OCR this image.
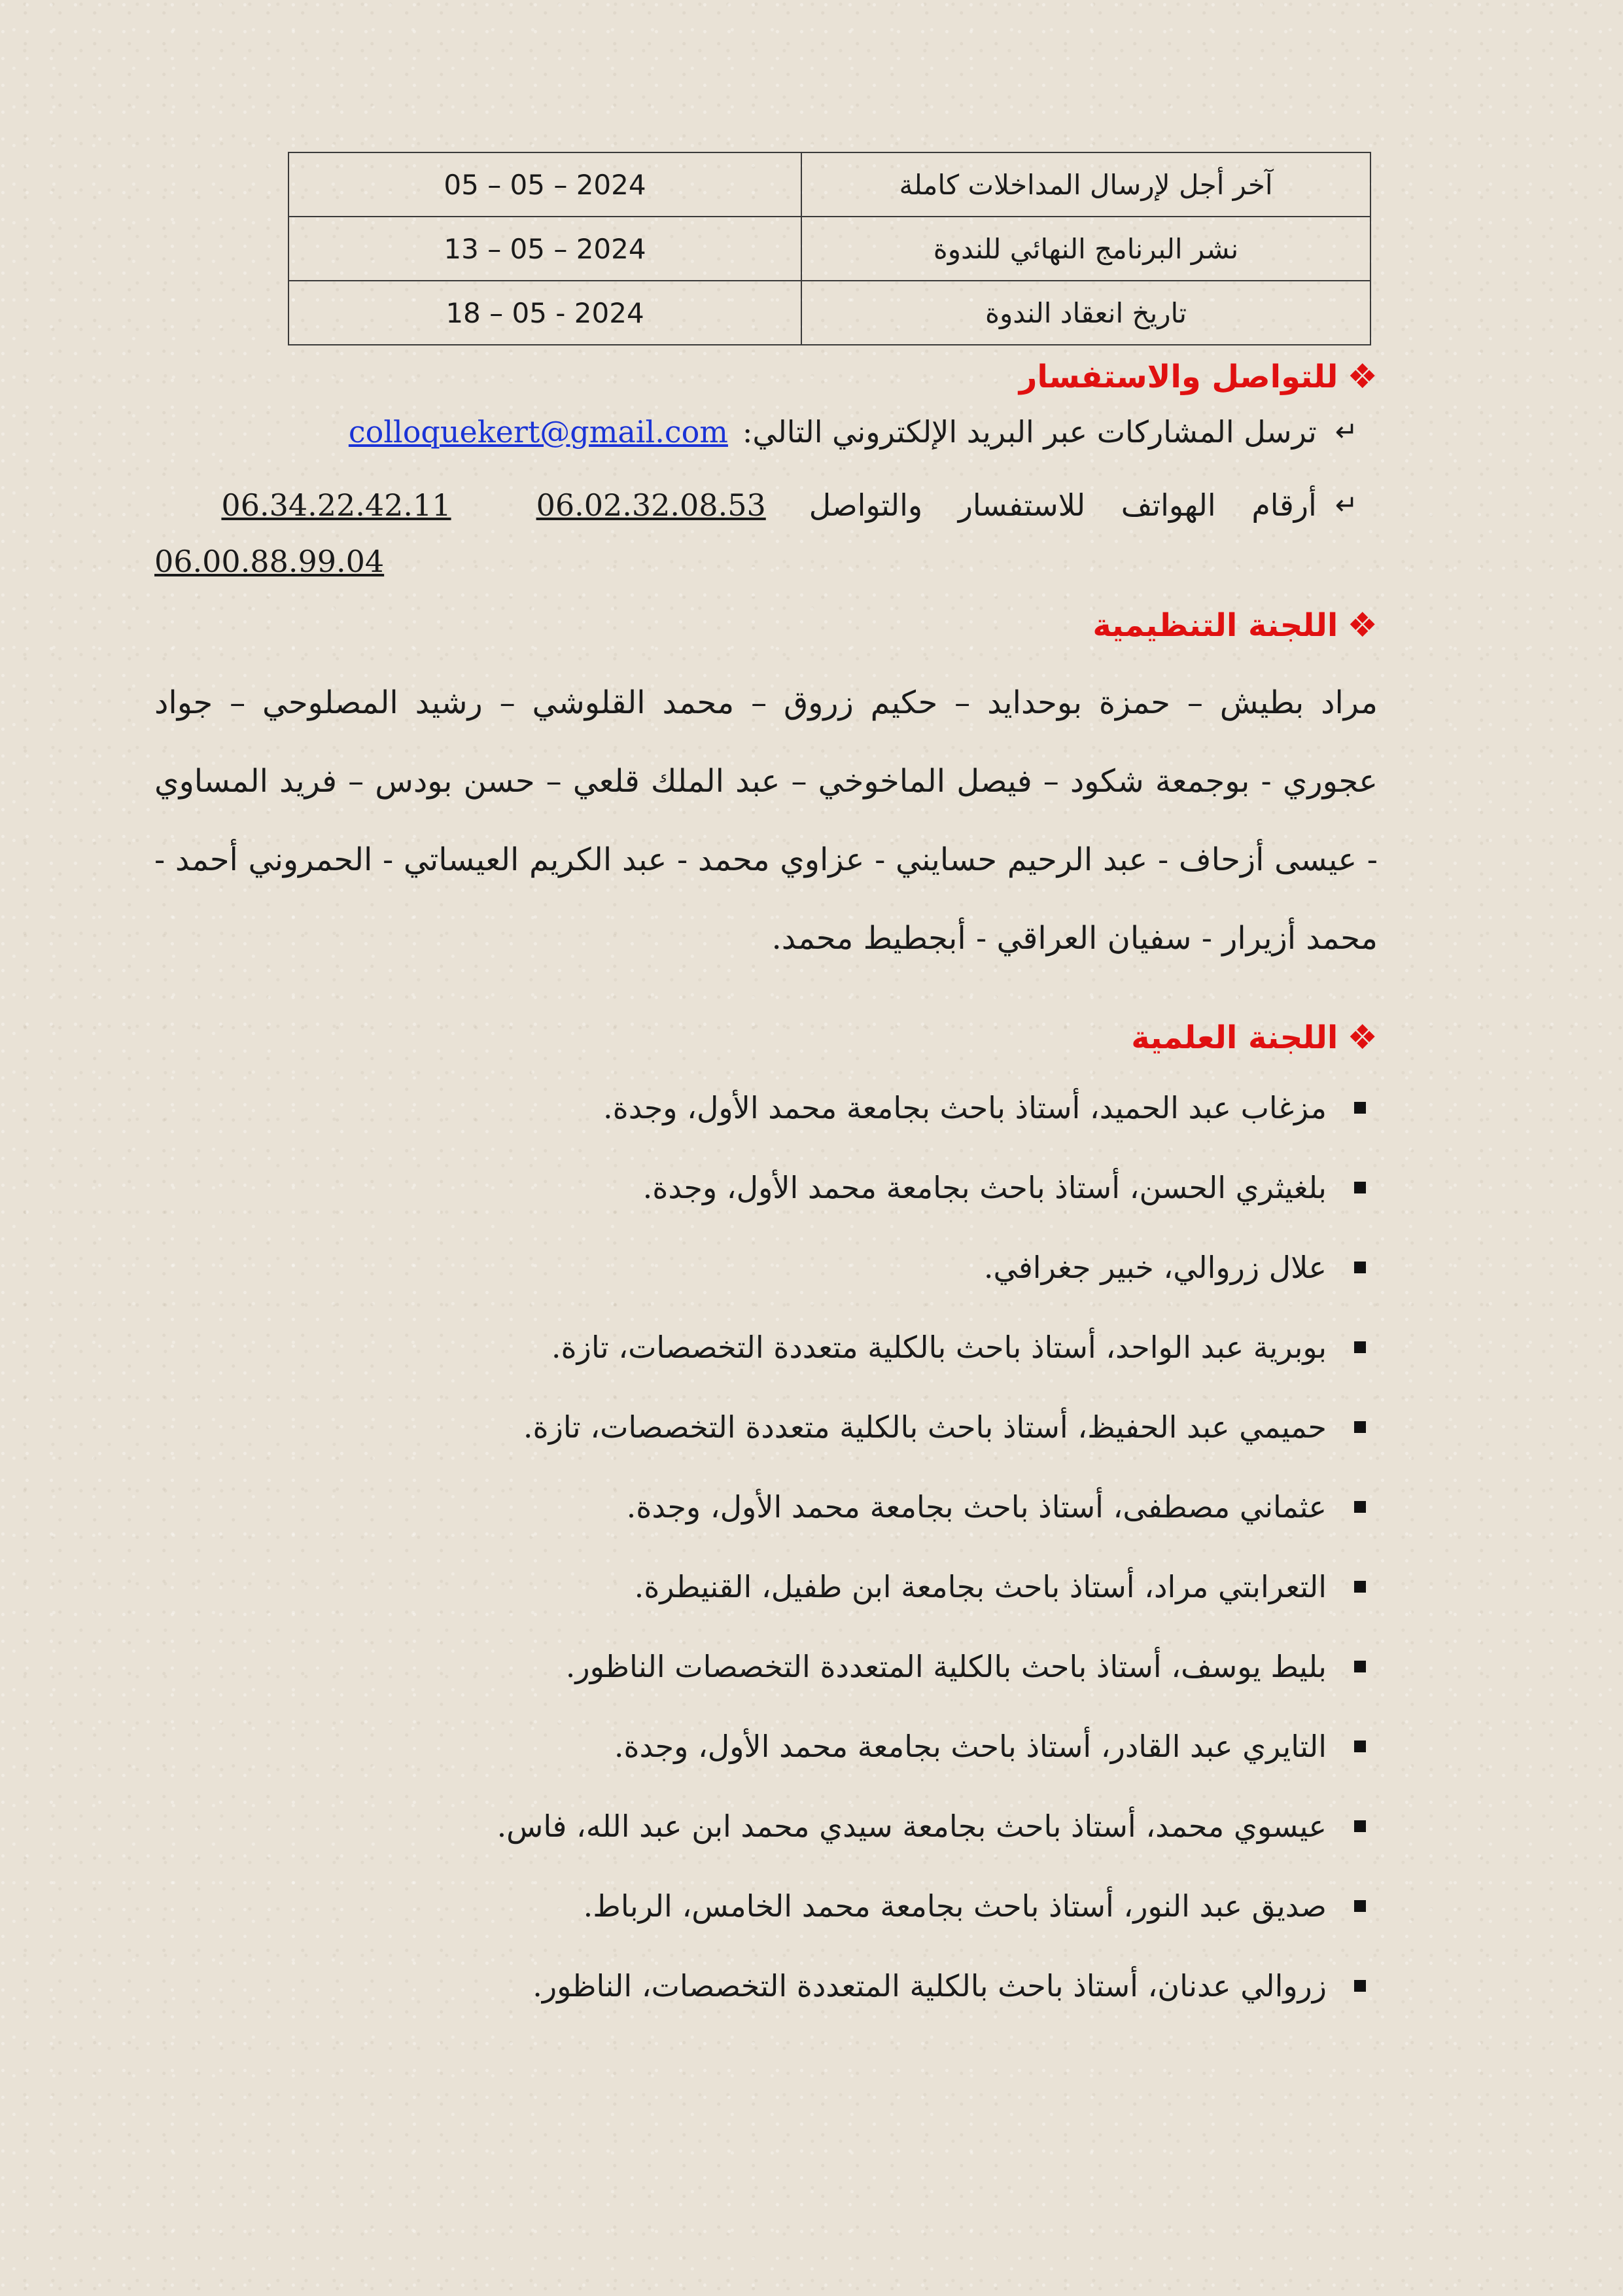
آخر أجل لإرسال المداخلات كاملة	05 – 05 – 2024
نشر البرنامج النهائي للندوة	13 – 05 – 2024
تاريخ انعقاد الندوة	18 – 05 - 2024
❖
للتواصل والاستفسار
↵
ترسل المشاركات عبر البريد الإلكتروني التالي:
colloquekert@gmail.com
↵
أرقام الهواتف للاستفسار والتواصل
06.02.32.08.53
06.34.22.42.11
06.00.88.99.04
❖
اللجنة التنظيمية

مراد بطيش – حمزة بوحدايد – حكيم زروق – محمد القلوشي – رشيد المصلوحي – جواد عجوري - بوجمعة شكود – فيصل الماخوخي – عبد الملك قلعي – حسن بودس – فريد المساوي - عيسى أزحاف - عبد الرحيم حسايني - عزاوي محمد - عبد الكريم العيساتي - الحمروني أحمد - محمد أزيرار - سفيان العراقي - أبجطيط محمد.

❖
اللجنة العلمية
مزغاب عبد الحميد، أستاذ باحث بجامعة محمد الأول، وجدة.
بلغيثري الحسن، أستاذ باحث بجامعة محمد الأول، وجدة.
علال زروالي، خبير جغرافي.
بوبرية عبد الواحد، أستاذ باحث بالكلية متعددة التخصصات، تازة.
حميمي عبد الحفيظ، أستاذ باحث بالكلية متعددة التخصصات، تازة.
عثماني مصطفى، أستاذ باحث بجامعة محمد الأول، وجدة.
التعرابتي مراد، أستاذ باحث بجامعة ابن طفيل، القنيطرة.
بليط يوسف، أستاذ باحث بالكلية المتعددة التخصصات الناظور.
التايري عبد القادر، أستاذ باحث بجامعة محمد الأول، وجدة.
عيسوي محمد، أستاذ باحث بجامعة سيدي محمد ابن عبد الله، فاس.
صديق عبد النور، أستاذ باحث بجامعة محمد الخامس، الرباط.
زروالي عدنان، أستاذ باحث بالكلية المتعددة التخصصات، الناظور.
